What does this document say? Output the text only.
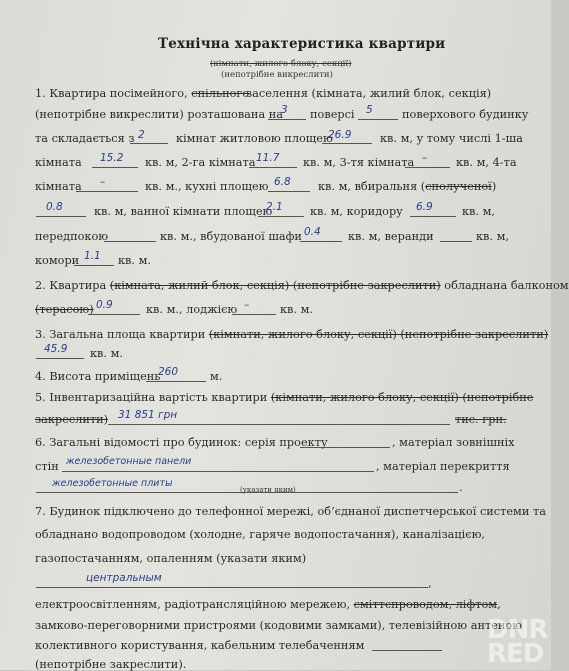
Технічна характеристика квартири
(кімнати, жилого блоку, секції)
(непотрібне викреслити)
1. Квартира посімейного, спільного
заселення (кімната, жилий блок, секція)
(непотрібне викреслити) розташована на
3 поверсі 5	поверхового будинку
та складається з 2	кімнат житловою площею
26.9	кв. м, у тому числі 1-ша
кімната 15.2 кв. м, 2-га кімната 11.7 кв. м, 3-тя кімната –	кв. м, 4-та
кімната –	кв. м., кухні площею 6.8 кв. м, вбиральня (сполученої)
0.8	кв. м, ванної кімнати площею
2.1 кв. м, коридору 6.9	кв. м,
передпокою	кв. м., вбудованої шафи 0.4 кв. м, веранди	кв. м,
комори 1.1 кв. м.
2. Квартира (кімната, жилий блок, секція) (непотрібне закреслити) обладнана балконом
(терасою) 0.9	кв. м., лоджією –	кв. м.
3. Загальна площа квартири (кімнати, жилого блоку, секції) (непотрібне закреслити)
45.9 кв. м.
4. Висота приміщень
260	м.
5. Інвентаризаційна вартість квартири (кімнати, жилого блоку, секції) (непотрібне
закреслити) 31 851 грн	тис. грн.
6. Загальні відомості про будинок: серія проекту	, матеріал зовнішніх
стін железобетонные панели	, матеріал перекриття
железобетонные плиты
(указати яким)	.
7. Будинок підключено до телефонної мережі, об’єднаної диспетчерської системи та
обладнано водопроводом (холодне, гаряче водопостачання), каналізацією,
газопостачанням, опаленням (указати яким)
центральным	,
електроосвітленням, радіотрансляційною мережею, сміттєпроводом, ліфтом,
замково-переговорними пристроями (кодовими замками), телевізійною антеною
колективного користування, кабельним телебаченням
(непотрібне закреслити).
DNR
RED
